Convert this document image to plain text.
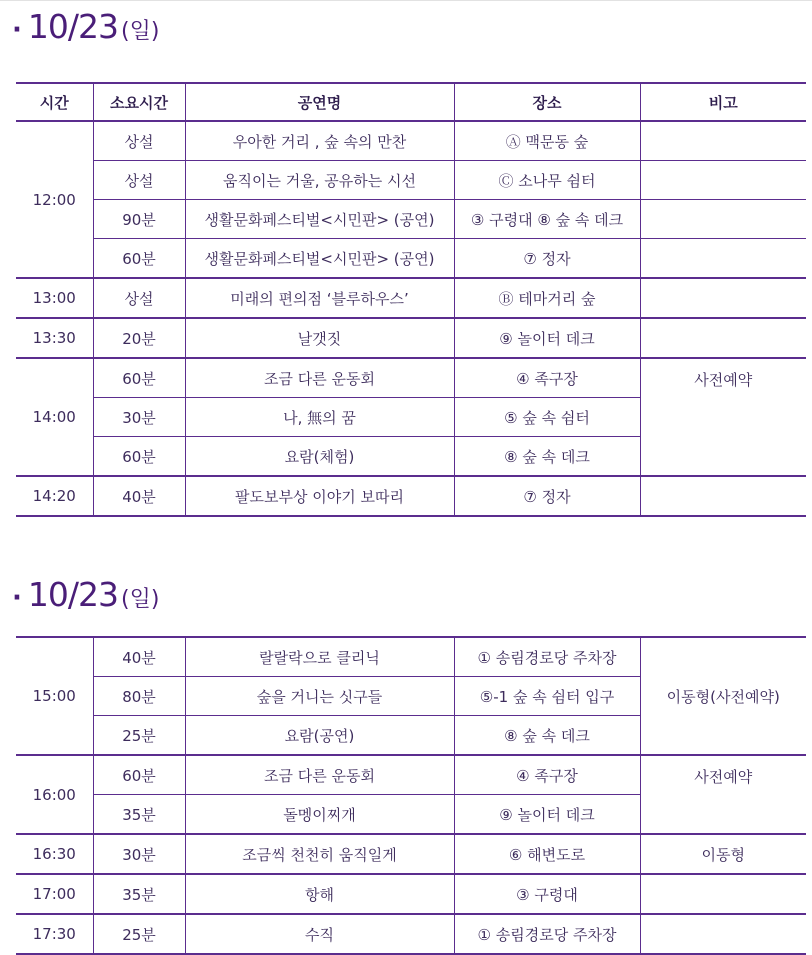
· 10/23 (일)
시간	소요시간	공연명	장소	비고
12:00	상설	우아한 거리 , 숲 속의 만찬	Ⓐ 맥문동 숲	
	상설	움직이는 거울, 공유하는 시선	Ⓒ 소나무 쉼터	
	90분	생활문화페스티벌<시민판> (공연)	③ 구령대 ⑧ 숲 속 데크	
	60분	생활문화페스티벌<시민판> (공연)	⑦ 정자	
13:00	상설	미래의 편의점 ‘블루하우스’	Ⓑ 테마거리 숲	
13:30	20분	날갯짓	⑨ 놀이터 데크	
14:00	60분	조금 다른 운동회	④ 족구장	사전예약
	30분	나, 無의 꿈	⑤ 숲 속 쉼터	
	60분	요람(체험)	⑧ 숲 속 데크	
14:20	40분	팔도보부상 이야기 보따리	⑦ 정자	
· 10/23 (일)
15:00	40분	랄랄락으로 클리닉	① 송림경로당 주차장	이동형(사전예약)
	80분	숲을 거니는 싯구들	⑤-1 숲 속 쉼터 입구	
	25분	요람(공연)	⑧ 숲 속 데크	
16:00	60분	조금 다른 운동회	④ 족구장	사전예약
	35분	돌멩이찌개	⑨ 놀이터 데크	
16:30	30분	조금씩 천천히 움직일게	⑥ 해변도로	이동형
17:00	35분	항해	③ 구령대	
17:30	25분	수직	① 송림경로당 주차장	
